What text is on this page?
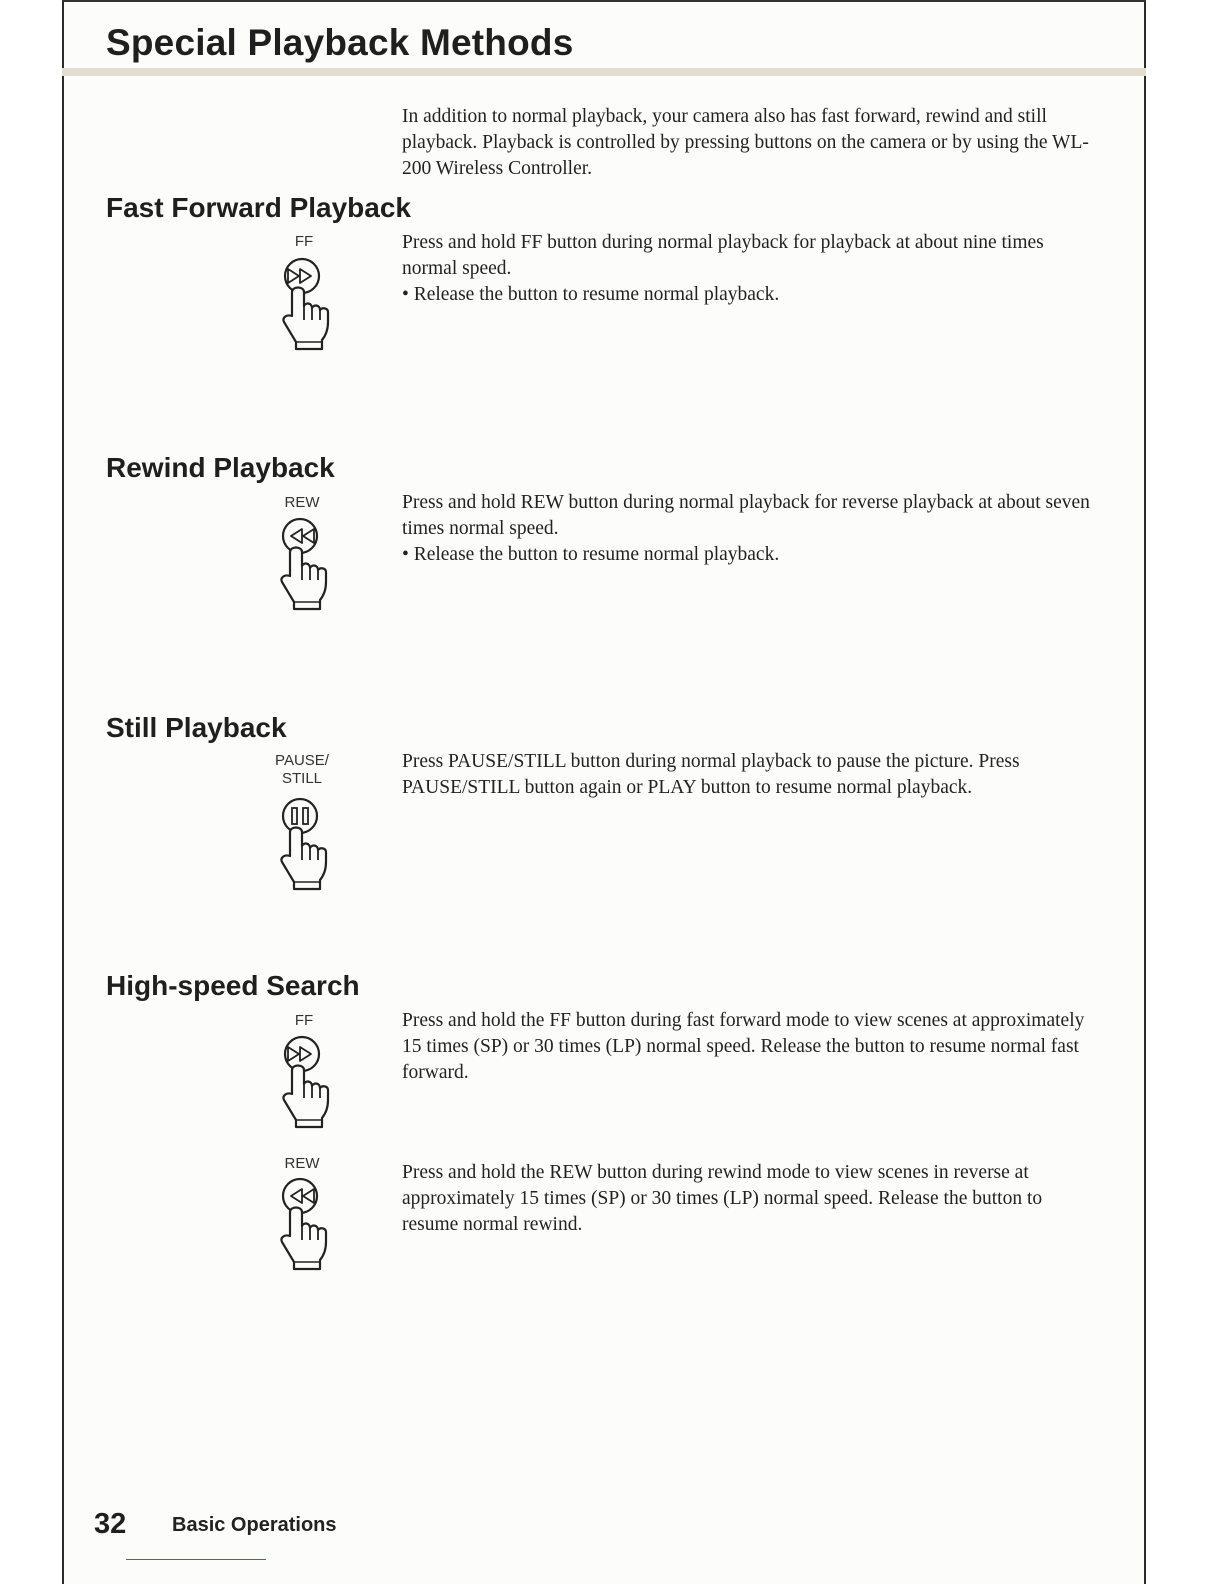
Special Playback Methods

In addition to normal playback, your camera also has fast forward, rewind and still playback. Playback is controlled by pressing buttons on the camera or by using the WL-200 Wireless Controller.

Fast Forward Playback
FF	Press and hold FF button during normal playback for playback at about nine times normal speed.
• Release the button to resume normal playback.

Rewind Playback
REW	Press and hold REW button during normal playback for reverse playback at about seven times normal speed.
• Release the button to resume normal playback.

Still Playback
PAUSE/
STILL

Press PAUSE/STILL button during normal playback to pause the picture. Press PAUSE/STILL button again or PLAY button to resume normal playback.

High-speed Search
FF	Press and hold the FF button during fast forward mode to view scenes at approximately 15 times (SP) or 30 times (LP) normal speed. Release the button to resume normal fast forward.

REW	Press and hold the REW button during rewind mode to view scenes in reverse at approximately 15 times (SP) or 30 times (LP) normal speed. Release the button to resume normal rewind.

32 Basic Operations
